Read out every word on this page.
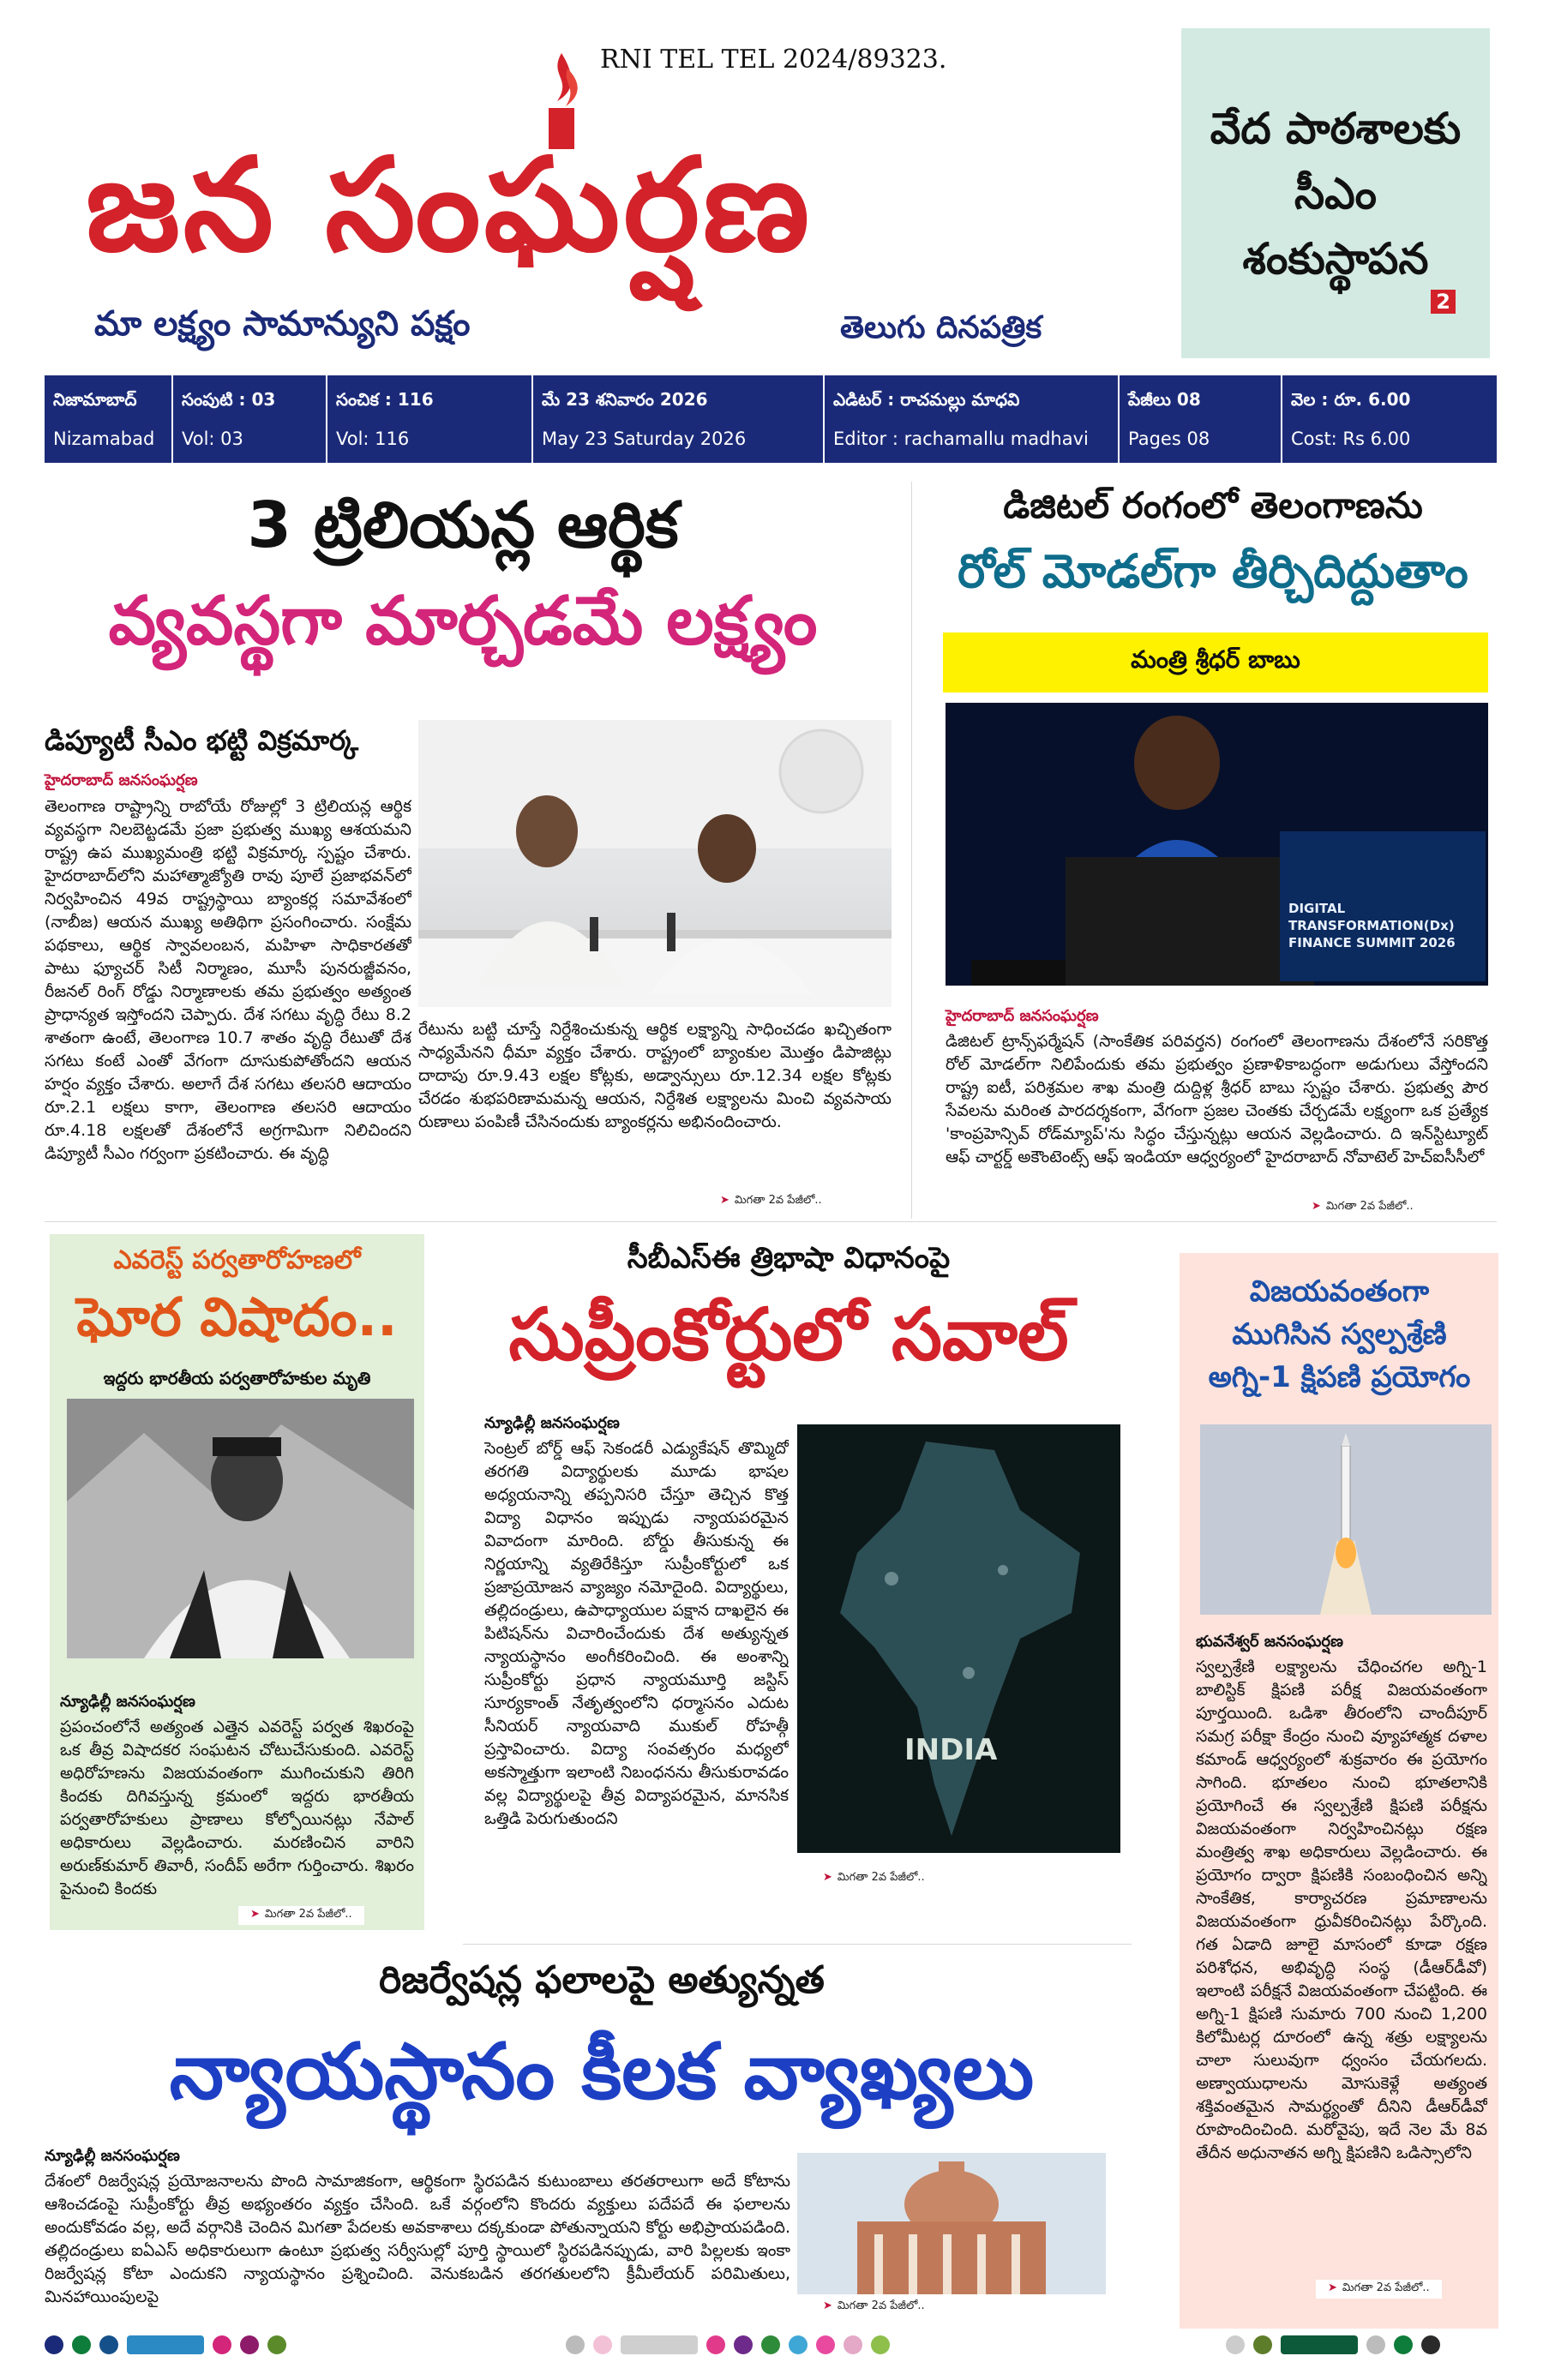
RNI TEL TEL 2024/89323.
జన సంఘర్షణ
మా లక్ష్యం సామాన్యుని పక్షం	తెలుగు దినపత్రిక
వేద పాఠశాలకు సీఎం శంకుస్థాపన
2
నిజామాబాద్
Nizamabad
సంపుటి : 03
Vol: 03
సంచిక : 116
Vol: 116
మే 23 శనివారం 2026
May 23 Saturday 2026
ఎడిటర్ : రాచమల్లు మాధవి
Editor : rachamallu madhavi
పేజీలు 08
Pages 08
వెల : రూ. 6.00
Cost: Rs 6.00
3 ట్రిలియన్ల ఆర్థిక
వ్యవస్థగా మార్చడమే లక్ష్యం
డిప్యూటీ సీఎం భట్టి విక్రమార్క
హైదరాబాద్‌ జనసంఘర్షణ
తెలంగాణ రాష్ట్రాన్ని రాబోయే రోజుల్లో 3 ట్రిలియన్ల ఆర్థిక వ్యవస్థగా నిలబెట్టడమే ప్రజా ప్రభుత్వ ముఖ్య ఆశయమని రాష్ట్ర ఉప ముఖ్యమంత్రి భట్టి విక్రమార్క స్పష్టం చేశారు. హైదరాబాద్‌లోని మహాత్మాజ్యోతి రావు పూలే ప్రజాభవన్‌లో నిర్వహించిన 49వ రాష్ట్రస్థాయి బ్యాంకర్ల సమావేశంలో (నాబీజ) ఆయన ముఖ్య అతిథిగా ప్రసంగించారు. సంక్షేమ పథకాలు, ఆర్థిక స్వావలంబన, మహిళా సాధికారతతో పాటు ఫ్యూచర్ సిటీ నిర్మాణం, మూసీ పునరుజ్జీవనం, రీజనల్ రింగ్ రోడ్డు నిర్మాణాలకు తమ ప్రభుత్వం అత్యంత ప్రాధాన్యత ఇస్తోందని చెప్పారు. దేశ సగటు వృద్ధి రేటు 8.2 శాతంగా ఉంటే, తెలంగాణ 10.7 శాతం వృద్ధి రేటుతో దేశ సగటు కంటే ఎంతో వేగంగా దూసుకుపోతోందని ఆయన హర్షం వ్యక్తం చేశారు. అలాగే దేశ సగటు తలసరి ఆదాయం రూ.2.1 లక్షలు కాగా, తెలంగాణ తలసరి ఆదాయం రూ.4.18 లక్షలతో దేశంలోనే అగ్రగామిగా నిలిచిందని డిప్యూటీ సీఎం గర్వంగా ప్రకటించారు. ఈ వృద్ధి
రేటును బట్టి చూస్తే నిర్దేశించుకున్న ఆర్థిక లక్ష్యాన్ని సాధించడం ఖచ్చితంగా సాధ్యమేనని ధీమా వ్యక్తం చేశారు. రాష్ట్రంలో బ్యాంకుల మొత్తం డిపాజిట్లు దాదాపు రూ.9.43 లక్షల కోట్లకు, అడ్వాన్సులు రూ.12.34 లక్షల కోట్లకు చేరడం శుభపరిణామమన్న ఆయన, నిర్దేశిత లక్ష్యాలను మించి వ్యవసాయ రుణాలు పంపిణీ చేసినందుకు బ్యాంకర్లను అభినందించారు.
➤ మిగతా 2వ పేజీలో..
డిజిటల్‌ రంగంలో తెలంగాణను
రోల్‌ మోడల్‌గా తీర్చిదిద్దుతాం
మంత్రి శ్రీధర్‌ బాబు
DIGITAL
TRANSFORMATION(Dx)
FINANCE SUMMIT 2026
హైదరాబాద్‌ జనసంఘర్షణ
డిజిటల్‌ ట్రాన్స్‌ఫర్మేషన్‌ (సాంకేతిక పరివర్తన) రంగంలో తెలంగాణను దేశంలోనే సరికొత్త రోల్‌ మోడల్‌గా నిలిపేందుకు తమ ప్రభుత్వం ప్రణాళికాబద్ధంగా అడుగులు వేస్తోందని రాష్ట్ర ఐటీ, పరిశ్రమల శాఖ మంత్రి దుద్దిళ్ల శ్రీధర్‌ బాబు స్పష్టం చేశారు. ప్రభుత్వ పౌర సేవలను మరింత పారదర్శకంగా, వేగంగా ప్రజల చెంతకు చేర్చడమే లక్ష్యంగా ఒక ప్రత్యేక 'కాంప్రహెన్సివ్‌ రోడ్‌మ్యాప్‌'ను సిద్ధం చేస్తున్నట్లు ఆయన వెల్లడించారు. ది ఇన్‌స్టిట్యూట్‌ ఆఫ్‌ చార్టర్డ్‌ అకౌంటెంట్స్‌ ఆఫ్‌ ఇండియా ఆధ్వర్యంలో హైదరాబాద్‌ నోవాటెల్‌ హెచ్‌ఐసీసీలో
➤ మిగతా 2వ పేజీలో..
ఎవరెస్ట్‌ పర్వతారోహణలో
ఘోర విషాదం..
ఇద్దరు భారతీయ పర్వతారోహకుల మృతి
న్యూఢిల్లీ జనసంఘర్షణ
ప్రపంచంలోనే అత్యంత ఎత్తైన ఎవరెస్ట్‌ పర్వత శిఖరంపై ఒక తీవ్ర విషాదకర సంఘటన చోటుచేసుకుంది. ఎవరెస్ట్‌ అధిరోహణను విజయవంతంగా ముగించుకుని తిరిగి కిందకు దిగివస్తున్న క్రమంలో ఇద్దరు భారతీయ పర్వతారోహకులు ప్రాణాలు కోల్పోయినట్లు నేపాల్‌ అధికారులు వెల్లడించారు. మరణించిన వారిని అరుణ్‌కుమార్‌ తివారీ, సందీప్‌ అరేగా గుర్తించారు. శిఖరం పైనుంచి కిందకు
➤ మిగతా 2వ పేజీలో..
సీబీఎస్‌ఈ త్రిభాషా విధానంపై
సుప్రీంకోర్టులో సవాల్‌
న్యూఢిల్లీ జనసంఘర్షణ
సెంట్రల్‌ బోర్డ్‌ ఆఫ్‌ సెకండరీ ఎడ్యుకేషన్‌ తొమ్మిదో తరగతి విద్యార్థులకు మూడు భాషల అధ్యయనాన్ని తప్పనిసరి చేస్తూ తెచ్చిన కొత్త విద్యా విధానం ఇప్పుడు న్యాయపరమైన వివాదంగా మారింది. బోర్డు తీసుకున్న ఈ నిర్ణయాన్ని వ్యతిరేకిస్తూ సుప్రీంకోర్టులో ఒక ప్రజాప్రయోజన వ్యాజ్యం నమోదైంది. విద్యార్థులు, తల్లిదండ్రులు, ఉపాధ్యాయుల పక్షాన దాఖలైన ఈ పిటిషన్‌ను విచారించేందుకు దేశ అత్యున్నత న్యాయస్థానం అంగీకరించింది. ఈ అంశాన్ని సుప్రీంకోర్టు ప్రధాన న్యాయమూర్తి జస్టిస్‌ సూర్యకాంత్‌ నేతృత్వంలోని ధర్మాసనం ఎదుట సీనియర్‌ న్యాయవాది ముకుల్‌ రోహత్గీ ప్రస్తావించారు. విద్యా సంవత్సరం మధ్యలో అకస్మాత్తుగా ఇలాంటి నిబంధనను తీసుకురావడం వల్ల విద్యార్థులపై తీవ్ర విద్యాపరమైన, మానసిక ఒత్తిడి పెరుగుతుందని
INDIA
➤ మిగతా 2వ పేజీలో..
విజయవంతంగా ముగిసిన స్వల్పశ్రేణి అగ్ని-1 క్షిపణి ప్రయోగం
భువనేశ్వర్‌ జనసంఘర్షణ
స్వల్పశ్రేణి లక్ష్యాలను చేధించగల అగ్ని-1 బాలిస్టిక్‌ క్షిపణి పరీక్ష విజయవంతంగా పూర్తయింది. ఒడిశా తీరంలోని చాందీపూర్‌ సమగ్ర పరీక్షా కేంద్రం నుంచి వ్యూహాత్మక దళాల కమాండ్‌ ఆధ్వర్యంలో శుక్రవారం ఈ ప్రయోగం సాగింది. భూతలం నుంచి భూతలానికి ప్రయోగించే ఈ స్వల్పశ్రేణి క్షిపణి పరీక్షను విజయవంతంగా నిర్వహించినట్లు రక్షణ మంత్రిత్వ శాఖ అధికారులు వెల్లడించారు. ఈ ప్రయోగం ద్వారా క్షిపణికి సంబంధించిన అన్ని సాంకేతిక, కార్యాచరణ ప్రమాణాలను విజయవంతంగా ధ్రువీకరించినట్లు పేర్కొంది. గత ఏడాది జూలై మాసంలో కూడా రక్షణ పరిశోధన, అభివృద్ధి సంస్థ (డీఆర్‌డీవో) ఇలాంటి పరీక్షనే విజయవంతంగా చేపట్టింది. ఈ అగ్ని-1 క్షిపణి సుమారు 700 నుంచి 1,200 కిలోమీటర్ల దూరంలో ఉన్న శత్రు లక్ష్యాలను చాలా సులువుగా ధ్వంసం చేయగలదు. అణ్వాయుధాలను మోసుకెళ్లే అత్యంత శక్తివంతమైన సామర్థ్యంతో దీనిని డీఆర్‌డీవో రూపొందించింది. మరోవైపు, ఇదే నెల మే 8వ తేదీన అధునాతన అగ్ని క్షిపణిని ఒడిస్సాలోని
➤ మిగతా 2వ పేజీలో..
రిజర్వేషన్ల ఫలాలపై అత్యున్నత
న్యాయస్థానం కీలక వ్యాఖ్యలు
న్యూఢిల్లీ జనసంఘర్షణ
దేశంలో రిజర్వేషన్ల ప్రయోజనాలను పొంది సామాజికంగా, ఆర్థికంగా స్థిరపడిన కుటుంబాలు తరతరాలుగా అదే కోటాను ఆశించడంపై సుప్రీంకోర్టు తీవ్ర అభ్యంతరం వ్యక్తం చేసింది. ఒకే వర్గంలోని కొందరు వ్యక్తులు పదేపదే ఈ ఫలాలను అందుకోవడం వల్ల, అదే వర్గానికి చెందిన మిగతా పేదలకు అవకాశాలు దక్కకుండా పోతున్నాయని కోర్టు అభిప్రాయపడింది. తల్లిదండ్రులు ఐఏఎస్‌ అధికారులుగా ఉంటూ ప్రభుత్వ సర్వీసుల్లో పూర్తి స్థాయిలో స్థిరపడినప్పుడు, వారి పిల్లలకు ఇంకా రిజర్వేషన్ల కోటా ఎందుకని న్యాయస్థానం ప్రశ్నించింది. వెనుకబడిన తరగతులలోని క్రీమీలేయర్‌ పరిమితులు, మినహాయింపులపై	➤ మిగతా 2వ పేజీలో..
